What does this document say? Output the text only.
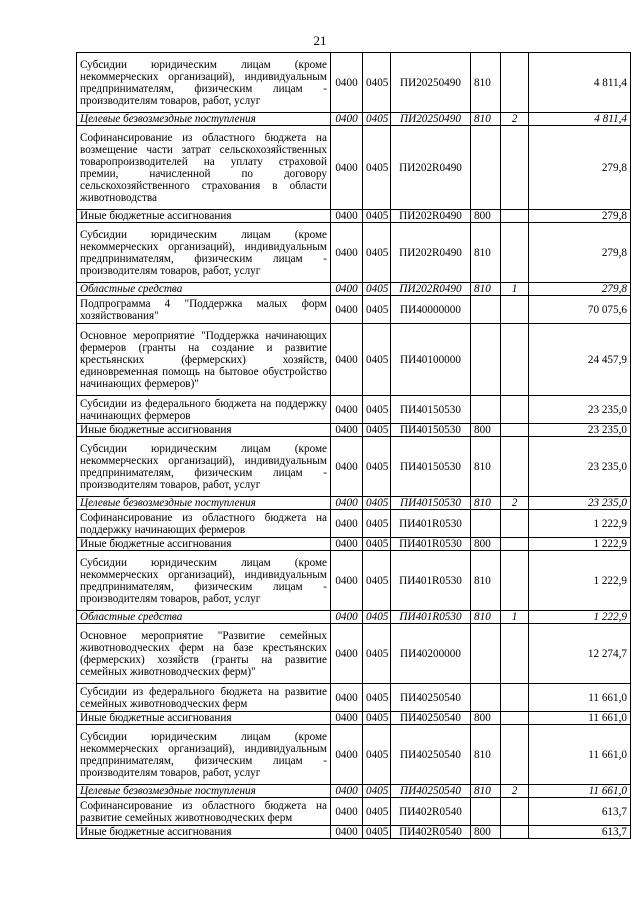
21
Субсидии юридическим лицам (кроме некоммерческих организаций), индивидуальным предпринимателям, физическим лицам - производителям товаров, работ, услуг	0400	0405	ПИ20250490	810		4 811,4
Целевые безвозмездные поступления	0400	0405	ПИ20250490	810	2	4 811,4
Софинансирование из областного бюджета на возмещение части затрат сельскохозяйственных товаропроизводителей на уплату страховой премии, начисленной по договору сельскохозяйственного страхования в области животноводства	0400	0405	ПИ202R0490			279,8
Иные бюджетные ассигнования	0400	0405	ПИ202R0490	800		279,8
Субсидии юридическим лицам (кроме некоммерческих организаций), индивидуальным предпринимателям, физическим лицам - производителям товаров, работ, услуг	0400	0405	ПИ202R0490	810		279,8
Областные средства	0400	0405	ПИ202R0490	810	1	279,8
Подпрограмма 4 "Поддержка малых форм хозяйствования"	0400	0405	ПИ40000000			70 075,6
Основное мероприятие "Поддержка начинающих фермеров (гранты на создание и развитие крестьянских (фермерских) хозяйств, единовременная помощь на бытовое обустройство начинающих фермеров)"	0400	0405	ПИ40100000			24 457,9
Субсидии из федерального бюджета на поддержку начинающих фермеров	0400	0405	ПИ40150530			23 235,0
Иные бюджетные ассигнования	0400	0405	ПИ40150530	800		23 235,0
Субсидии юридическим лицам (кроме некоммерческих организаций), индивидуальным предпринимателям, физическим лицам - производителям товаров, работ, услуг	0400	0405	ПИ40150530	810		23 235,0
Целевые безвозмездные поступления	0400	0405	ПИ40150530	810	2	23 235,0
Софинансирование из областного бюджета на поддержку начинающих фермеров	0400	0405	ПИ401R0530			1 222,9
Иные бюджетные ассигнования	0400	0405	ПИ401R0530	800		1 222,9
Субсидии юридическим лицам (кроме некоммерческих организаций), индивидуальным предпринимателям, физическим лицам - производителям товаров, работ, услуг	0400	0405	ПИ401R0530	810		1 222,9
Областные средства	0400	0405	ПИ401R0530	810	1	1 222,9
Основное мероприятие "Развитие семейных животноводческих ферм на базе крестьянских (фермерских) хозяйств (гранты на развитие семейных животноводческих ферм)"	0400	0405	ПИ40200000			12 274,7
Субсидии из федерального бюджета на развитие семейных животноводческих ферм	0400	0405	ПИ40250540			11 661,0
Иные бюджетные ассигнования	0400	0405	ПИ40250540	800		11 661,0
Субсидии юридическим лицам (кроме некоммерческих организаций), индивидуальным предпринимателям, физическим лицам - производителям товаров, работ, услуг	0400	0405	ПИ40250540	810		11 661,0
Целевые безвозмездные поступления	0400	0405	ПИ40250540	810	2	11 661,0
Софинансирование из областного бюджета на развитие семейных животноводческих ферм	0400	0405	ПИ402R0540			613,7
Иные бюджетные ассигнования	0400	0405	ПИ402R0540	800		613,7
